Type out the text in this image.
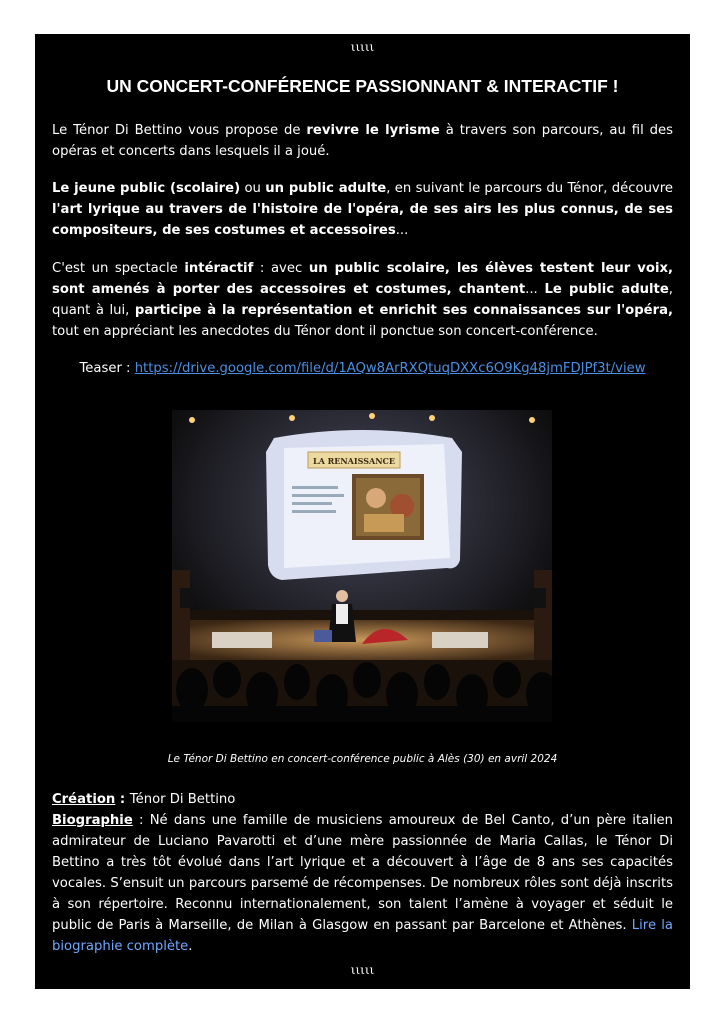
ιιιιι
UN CONCERT-CONFÉRENCE PASSIONNANT & INTERACTIF !

Le Ténor Di Bettino vous propose de revivre le lyrisme à travers son parcours, au fil des opéras et concerts dans lesquels il a joué.

Le jeune public (scolaire) ou un public adulte, en suivant le parcours du Ténor, découvre l'art lyrique au travers de l'histoire de l'opéra, de ses airs les plus connus, de ses compositeurs, de ses costumes et accessoires...

C'est un spectacle intéractif : avec un public scolaire, les élèves testent leur voix, sont amenés à porter des accessoires et costumes, chantent... Le public adulte, quant à lui, participe à la représentation et enrichit ses connaissances sur l'opéra, tout en appréciant les anecdotes du Ténor dont il ponctue son concert-conférence.

Teaser : https://drive.google.com/file/d/1AQw8ArRXQtuqDXXc6O9Kg48jmFDJPf3t/view
LA RENAISSANCE
Le Ténor Di Bettino en concert-conférence public à Alès (30) en avril 2024
Création : Ténor Di Bettino

Biographie : Né dans une famille de musiciens amoureux de Bel Canto, d’un père italien admirateur de Luciano Pavarotti et d’une mère passionnée de Maria Callas, le Ténor Di Bettino a très tôt évolué dans l’art lyrique et a découvert à l’âge de 8 ans ses capacités vocales. S’ensuit un parcours parsemé de récompenses. De nombreux rôles sont déjà inscrits à son répertoire. Reconnu internationalement, son talent l’amène à voyager et séduit le public de Paris à Marseille, de Milan à Glasgow en passant par Barcelone et Athènes. Lire la biographie complète.

ιιιιι
